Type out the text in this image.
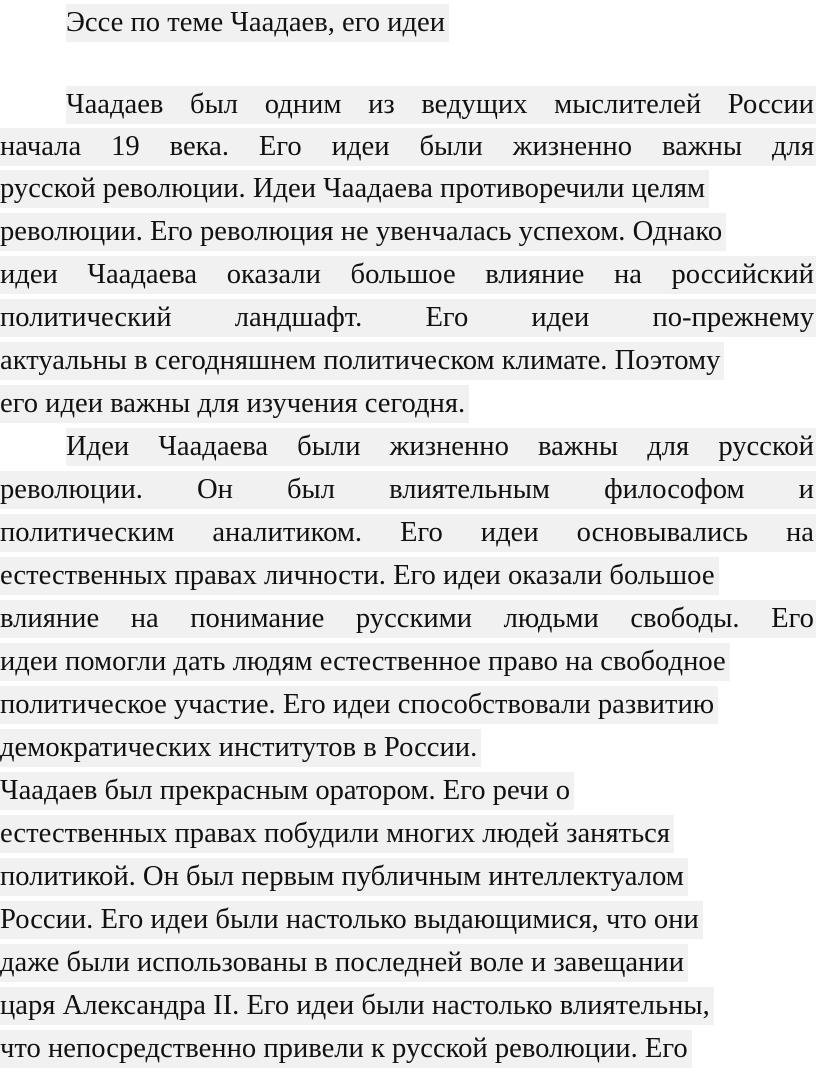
Эссе по теме Чаадаев, его идеи
Чаадаев был одним из ведущих мыслителей России
начала 19 века. Его идеи были жизненно важны для
русской революции. Идеи Чаадаева противоречили целям
революции. Его революция не увенчалась успехом. Однако
идеи Чаадаева оказали большое влияние на российский
политический ландшафт. Его идеи по-прежнему
актуальны в сегодняшнем политическом климате. Поэтому
его идеи важны для изучения сегодня.
Идеи Чаадаева были жизненно важны для русской
революции. Он был влиятельным философом и
политическим аналитиком. Его идеи основывались на
естественных правах личности. Его идеи оказали большое
влияние на понимание русскими людьми свободы. Его
идеи помогли дать людям естественное право на свободное
политическое участие. Его идеи способствовали развитию
демократических институтов в России.
Чаадаев был прекрасным оратором. Его речи о
естественных правах побудили многих людей заняться
политикой. Он был первым публичным интеллектуалом
России. Его идеи были настолько выдающимися, что они
даже были использованы в последней воле и завещании
царя Александра II. Его идеи были настолько влиятельны,
что непосредственно привели к русской революции. Его
